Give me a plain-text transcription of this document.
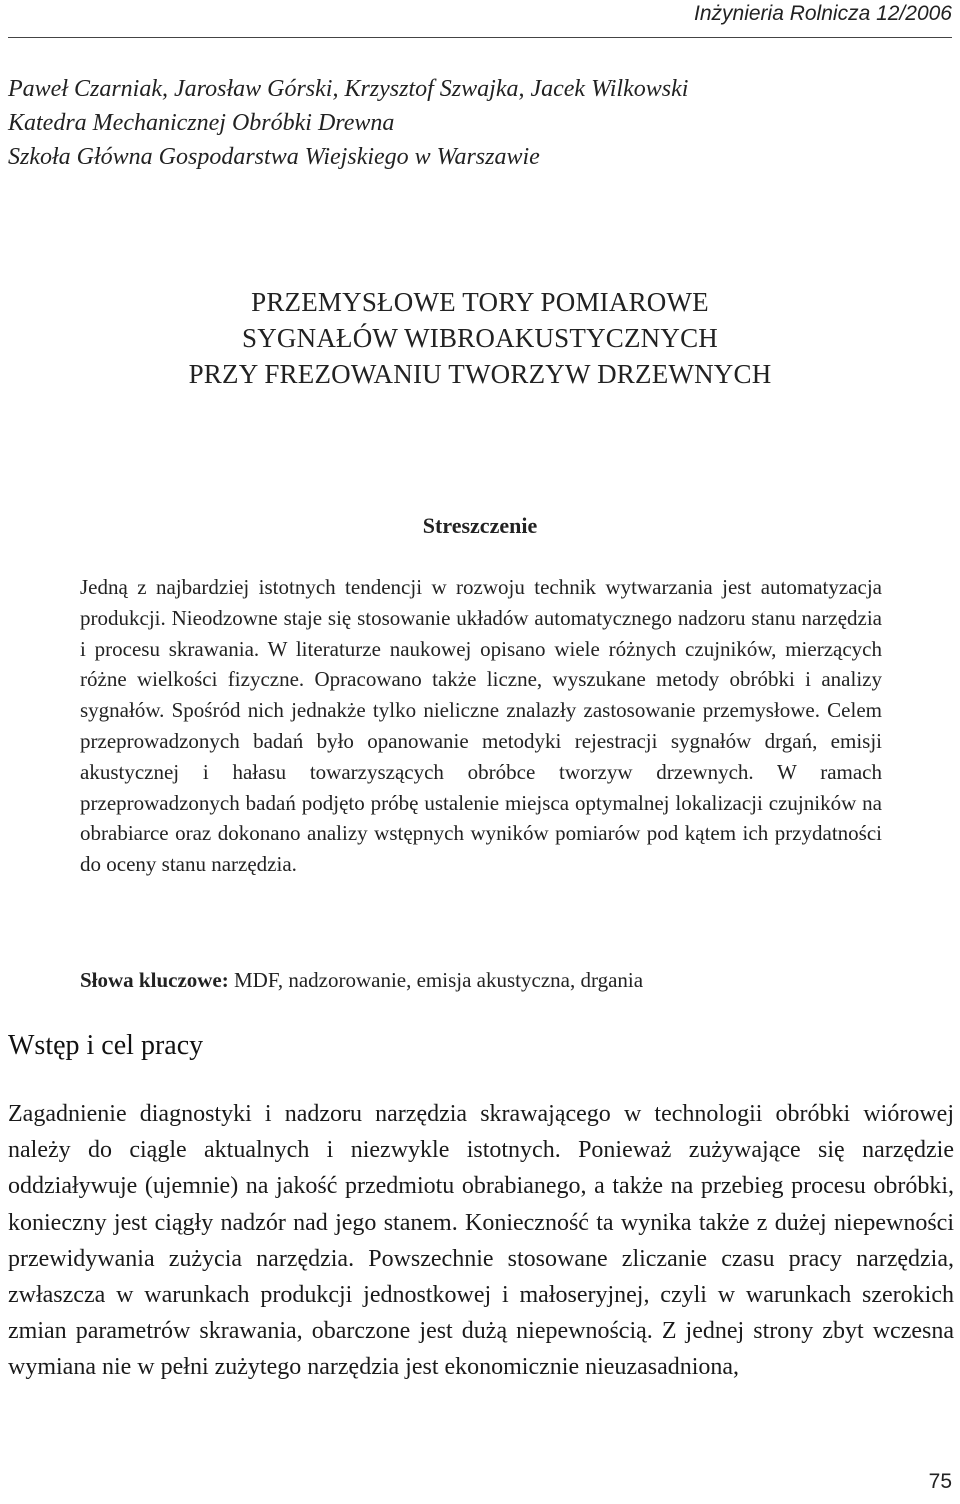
Inżynieria Rolnicza 12/2006
Paweł Czarniak, Jarosław Górski, Krzysztof Szwajka, Jacek Wilkowski
Katedra Mechanicznej Obróbki Drewna
Szkoła Główna Gospodarstwa Wiejskiego w Warszawie
PRZEMYSŁOWE TORY POMIAROWE
SYGNAŁÓW WIBROAKUSTYCZNYCH
PRZY FREZOWANIU TWORZYW DRZEWNYCH
Streszczenie
Jedną z najbardziej istotnych tendencji w rozwoju technik wytwarzania jest automatyzacja produkcji. Nieodzowne staje się stosowanie układów automatycznego nadzoru stanu narzędzia i procesu skrawania. W literaturze naukowej opisano wiele różnych czujników, mierzących różne wielkości fizyczne. Opracowano także liczne, wyszukane metody obróbki i analizy sygnałów. Spośród nich jednakże tylko nieliczne znalazły zastosowanie przemysłowe. Celem przeprowadzonych badań było opanowanie metodyki rejestracji sygnałów drgań, emisji akustycznej i hałasu towarzyszących obróbce tworzyw drzewnych. W ramach przeprowadzonych badań podjęto próbę ustalenie miejsca optymalnej lokalizacji czujników na obrabiarce oraz dokonano analizy wstępnych wyników pomiarów pod kątem ich przydatności do oceny stanu narzędzia.
Słowa kluczowe: MDF, nadzorowanie, emisja akustyczna, drgania
Wstęp i cel pracy
Zagadnienie diagnostyki i nadzoru narzędzia skrawającego w technologii obróbki wiórowej należy do ciągle aktualnych i niezwykle istotnych. Ponieważ zużywające się narzędzie oddziaływuje (ujemnie) na jakość przedmiotu obrabianego, a także na przebieg procesu obróbki, konieczny jest ciągły nadzór nad jego stanem. Konieczność ta wynika także z dużej niepewności przewidywania zużycia narzędzia. Powszechnie stosowane zliczanie czasu pracy narzędzia, zwłaszcza w warunkach produkcji jednostkowej i małoseryjnej, czyli w warunkach szerokich zmian parametrów skrawania, obarczone jest dużą niepewnością. Z jednej strony zbyt wczesna wymiana nie w pełni zużytego narzędzia jest ekonomicznie nieuzasadniona,
75
